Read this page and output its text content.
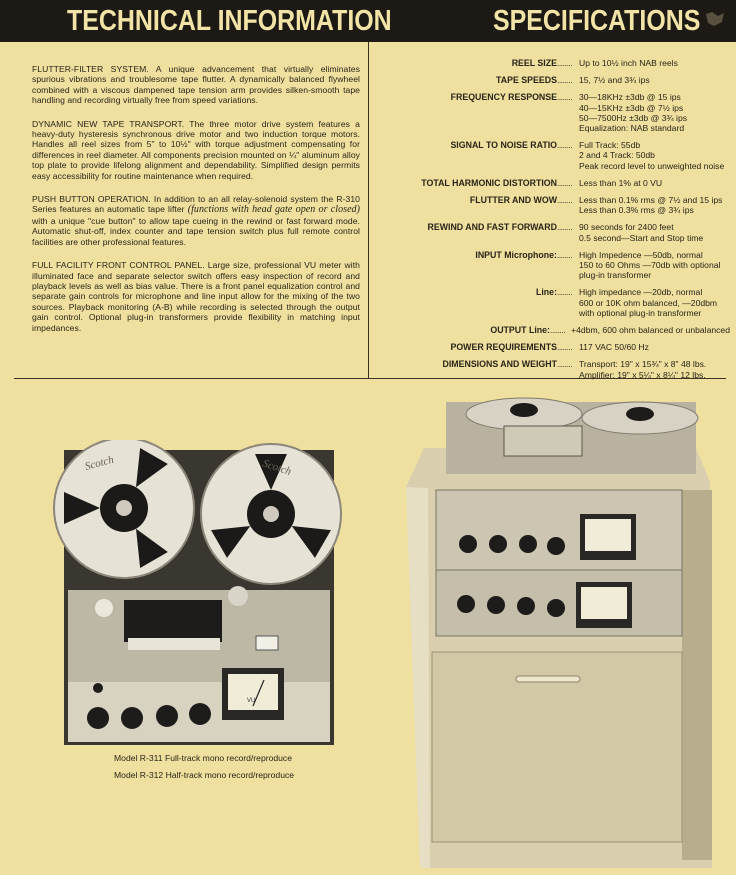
TECHNICAL INFORMATION	SPECIFICATIONS

FLUTTER-FILTER SYSTEM. A unique advancement that virtually eliminates spurious vibrations and troublesome tape flutter. A dynamically balanced flywheel combined with a viscous dampened tape tension arm provides silken-smooth tape handling and recording virtually free from speed variations.

DYNAMIC NEW TAPE TRANSPORT. The three motor drive system features a heavy-duty hysteresis synchronous drive motor and two induction torque motors. Handles all reel sizes from 5" to 10½" with torque adjustment compensating for differences in reel diameter. All components precision mounted on ¼" aluminum alloy top plate to provide lifelong alignment and dependability. Simplified design permits easy accessibility for routine maintenance when required.

PUSH BUTTON OPERATION. In addition to an all relay-solenoid system the R-310 Series features an automatic tape lifter (functions with head gate open or closed) with a unique "cue button" to allow tape cueing in the rewind or fast forward mode. Automatic shut-off, index counter and tape tension switch plus full remote control facilities are other professional features.

FULL FACILITY FRONT CONTROL PANEL. Large size, professional VU meter with illuminated face and separate selector switch offers easy inspection of record and playback levels as well as bias value. There is a front panel equalization control and separate gain controls for microphone and line input allow for the mixing of the two sources. Playback monitoring (A-B) while recording is selected through the output gain control. Optional plug-in transformers provide flexibility in matching input impedances.

REEL SIZE ........ Up to 10½ inch NAB reels
TAPE SPEEDS ........ 15, 7½ and 3¾ ips
FREQUENCY RESPONSE ........ 30—18KHz ±3db @ 15 ips
40—15KHz ±3db @ 7½ ips
50—7500Hz ±3db @ 3¾ ips
Equalization: NAB standard
SIGNAL TO NOISE RATIO ........ Full Track: 55db
2 and 4 Track: 50db
Peak record level to unweighted noise
TOTAL HARMONIC DISTORTION ........ Less than 1% at 0 VU
FLUTTER AND WOW ........ Less than 0.1% rms @ 7½ and 15 ips
Less than 0.3% rms @ 3¾ ips
REWIND AND FAST FORWARD ........ 90 seconds for 2400 feet
0.5 second—Start and Stop time
INPUT Microphone: ........ High Impedence —50db, normal
150 to 60 Ohms —70db with optional
plug-in transformer
Line: ........ High impedance —20db, normal
600 or 10K ohm balanced, —20dbm
with optional plug-in transformer
OUTPUT Line: ........ +4dbm, 600 ohm balanced or unbalanced
POWER REQUIREMENTS ........ 117 VAC 50/60 Hz
DIMENSIONS AND WEIGHT ........ Transport: 19" x 15¾" x 8" 48 lbs.
Amplifier: 19" x 5¼" x 8¼" 12 lbs.
Scotch	Scotch
VU
Model R-311 Full-track mono record/reproduce
Model R-312 Half-track mono record/reproduce
